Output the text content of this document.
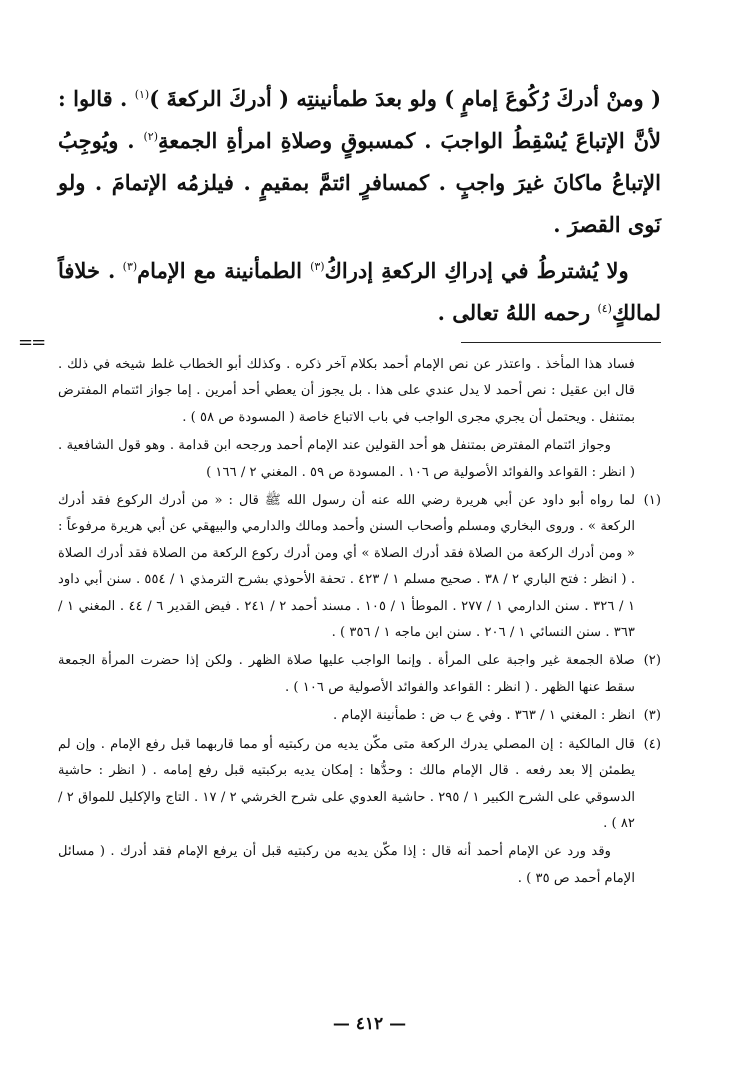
( ومنْ أدركَ رُكُوعَ إمامٍ ) ولو بعدَ طمأنينتِه ( أدركَ الركعةَ )$^{(١)}$ . قالوا : لأنَّ الإتباعَ يُسْقِطُ الواجبَ . كمسبوقٍ وصلاةِ امرأةِ الجمعةِ$^{(٢)}$ . ويُوجِبُ الإتباعُ ماكانَ غيرَ واجبٍ . كمسافرٍ ائتمَّ بمقيمٍ . فيلزمُه الإتمامَ . ولو نَوى القصرَ .

ولا يُشترطُ في إدراكِ الركعةِ إدراكُ$^{(٣)}$ الطمأنينة مع الإمام$^{(٣)}$ . خلافاً لمالكٍ$^{(٤)}$ رحمه اللهُ تعالى .

==

فساد هذا المأخذ . واعتذر عن نص الإمام أحمد بكلام آخر ذكره . وكذلك أبو الخطاب غلط شيخه في ذلك . قال ابن عقيل : نص أحمد لا يدل عندي على هذا . بل يجوز أن يعطي أحد أمرين . إما جواز ائتمام المفترض بمتنفل . ويحتمل أن يجري مجرى الواجب في باب الاتباع خاصة ( المسودة ص ٥٨ ) .

وجواز ائتمام المفترض بمتنفل هو أحد القولين عند الإمام أحمد ورجحه ابن قدامة . وهو قول الشافعية . ( انظر : القواعد والفوائد الأصولية ص ١٠٦ . المسودة ص ٥٩ . المغني ٢ / ١٦٦ )

(١)لما رواه أبو داود عن أبي هريرة رضي الله عنه أن رسول الله ﷺ قال : « من أدرك الركوع فقد أدرك الركعة » . وروى البخاري ومسلم وأصحاب السنن وأحمد ومالك والدارمي والبيهقي عن أبي هريرة مرفوعاً : « ومن أدرك الركعة من الصلاة فقد أدرك الصلاة » أي ومن أدرك ركوع الركعة من الصلاة فقد أدرك الصلاة . ( انظر : فتح الباري ٢ / ٣٨ . صحيح مسلم ١ / ٤٢٣ . تحفة الأحوذي بشرح الترمذي ١ / ٥٥٤ . سنن أبي داود ١ / ٣٢٦ . سنن الدارمي ١ / ٢٧٧ . الموطأ ١ / ١٠٥ . مسند أحمد ٢ / ٢٤١ . فيض القدير ٦ / ٤٤ . المغني ١ / ٣٦٣ . سنن النسائي ١ / ٢٠٦ . سنن ابن ماجه ١ / ٣٥٦ ) .

(٢)صلاة الجمعة غير واجبة على المرأة . وإنما الواجب عليها صلاة الظهر . ولكن إذا حضرت المرأة الجمعة سقط عنها الظهر . ( انظر : القواعد والفوائد الأصولية ص ١٠٦ ) .

(٣)انظر : المغني ١ / ٣٦٣ . وفي ع ب ض : طمأنينة الإمام .

(٤)قال المالكية : إن المصلي يدرك الركعة متى مكّن يديه من ركبتيه أو مما قاربهما قبل رفع الإمام . وإن لم يطمئن إلا بعد رفعه . قال الإمام مالك : وحدُّها : إمكان يديه بركبتيه قبل رفع إمامه . ( انظر : حاشية الدسوقي على الشرح الكبير ١ / ٢٩٥ . حاشية العدوي على شرح الخرشي ٢ / ١٧ . التاج والإكليل للمواق ٢ / ٨٢ ) .

وقد ورد عن الإمام أحمد أنه قال : إذا مكّن يديه من ركبتيه قبل أن يرفع الإمام فقد أدرك . ( مسائل الإمام أحمد ص ٣٥ ) .

— ٤١٢ —
